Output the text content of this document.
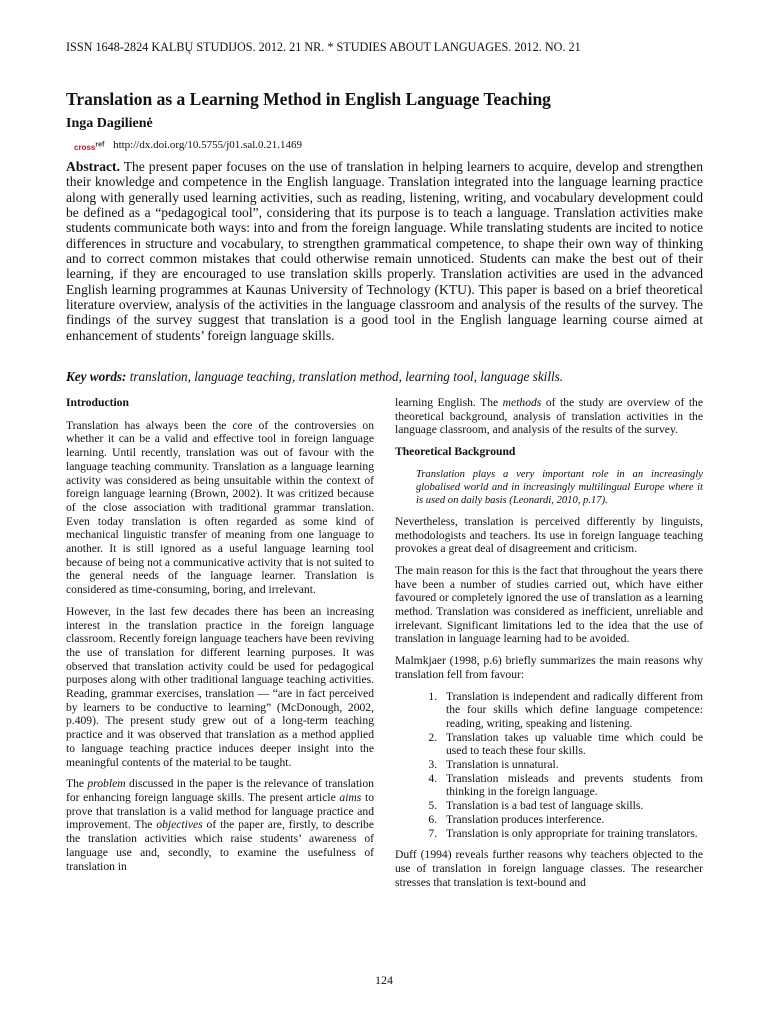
ISSN 1648-2824 KALBŲ STUDIJOS. 2012. 21 NR. * STUDIES ABOUT LANGUAGES. 2012. NO. 21
Translation as a Learning Method in English Language Teaching
Inga Dagilienė
cross$^{ref}$ http://dx.doi.org/10.5755/j01.sal.0.21.1469

Abstract. The present paper focuses on the use of translation in helping learners to acquire, develop and strengthen their knowledge and competence in the English language. Translation integrated into the language learning practice along with generally used learning activities, such as reading, listening, writing, and vocabulary development could be defined as a “pedagogical tool”, considering that its purpose is to teach a language. Translation activities make students communicate both ways: into and from the foreign language. While translating students are incited to notice differences in structure and vocabulary, to strengthen grammatical competence, to shape their own way of thinking and to correct common mistakes that could otherwise remain unnoticed. Students can make the best out of their learning, if they are encouraged to use translation skills properly. Translation activities are used in the advanced English learning programmes at Kaunas University of Technology (KTU). This paper is based on a brief theoretical literature overview, analysis of the activities in the language classroom and analysis of the results of the survey. The findings of the survey suggest that translation is a good tool in the English language learning course aimed at enhancement of students’ foreign language skills.

Key words: translation, language teaching, translation method, learning tool, language skills.

Introduction

Translation has always been the core of the controversies on whether it can be a valid and effective tool in foreign language learning. Until recently, translation was out of favour with the language teaching community. Translation as a language learning activity was considered as being unsuitable within the context of foreign language learning (Brown, 2002). It was critized because of the close association with traditional grammar translation. Even today translation is often regarded as some kind of mechanical linguistic transfer of meaning from one language to another. It is still ignored as a useful language learning tool because of being not a communicative activity that is not suited to the general needs of the language learner. Translation is considered as time-consuming, boring, and irrelevant.

However, in the last few decades there has been an increasing interest in the translation practice in the foreign language classroom. Recently foreign language teachers have been reviving the use of translation for different learning purposes. It was observed that translation activity could be used for pedagogical purposes along with other traditional language teaching activities. Reading, grammar exercises, translation — “are in fact perceived by learners to be conductive to learning” (McDonough, 2002, p.409). The present study grew out of a long-term teaching practice and it was observed that translation as a method applied to language teaching practice induces deeper insight into the meaningful contents of the material to be taught.

The problem discussed in the paper is the relevance of translation for enhancing foreign language skills. The present article aims to prove that translation is a valid method for language practice and improvement. The objectives of the paper are, firstly, to describe the translation activities which raise students’ awareness of language use and, secondly, to examine the usefulness of translation in

learning English. The methods of the study are overview of the theoretical background, analysis of translation activities in the language classroom, and analysis of the results of the survey.

Theoretical Background

Translation plays a very important role in an increasingly globalised world and in increasingly multilingual Europe where it is used on daily basis (Leonardi, 2010, p.17).

Nevertheless, translation is perceived differently by linguists, methodologists and teachers. Its use in foreign language teaching provokes a great deal of disagreement and criticism.

The main reason for this is the fact that throughout the years there have been a number of studies carried out, which have either favoured or completely ignored the use of translation as a learning method. Translation was considered as inefficient, unreliable and irrelevant. Significant limitations led to the idea that the use of translation in language learning had to be avoided.

Malmkjaer (1998, p.6) briefly summarizes the main reasons why translation fell from favour:

1. Translation is independent and radically different from the four skills which define language competence: reading, writing, speaking and listening.
2. Translation takes up valuable time which could be used to teach these four skills.
3. Translation is unnatural.
4. Translation misleads and prevents students from thinking in the foreign language.
5. Translation is a bad test of language skills.
6. Translation produces interference.
7. Translation is only appropriate for training translators.

Duff (1994) reveals further reasons why teachers objected to the use of translation in foreign language classes. The researcher stresses that translation is text-bound and

124
